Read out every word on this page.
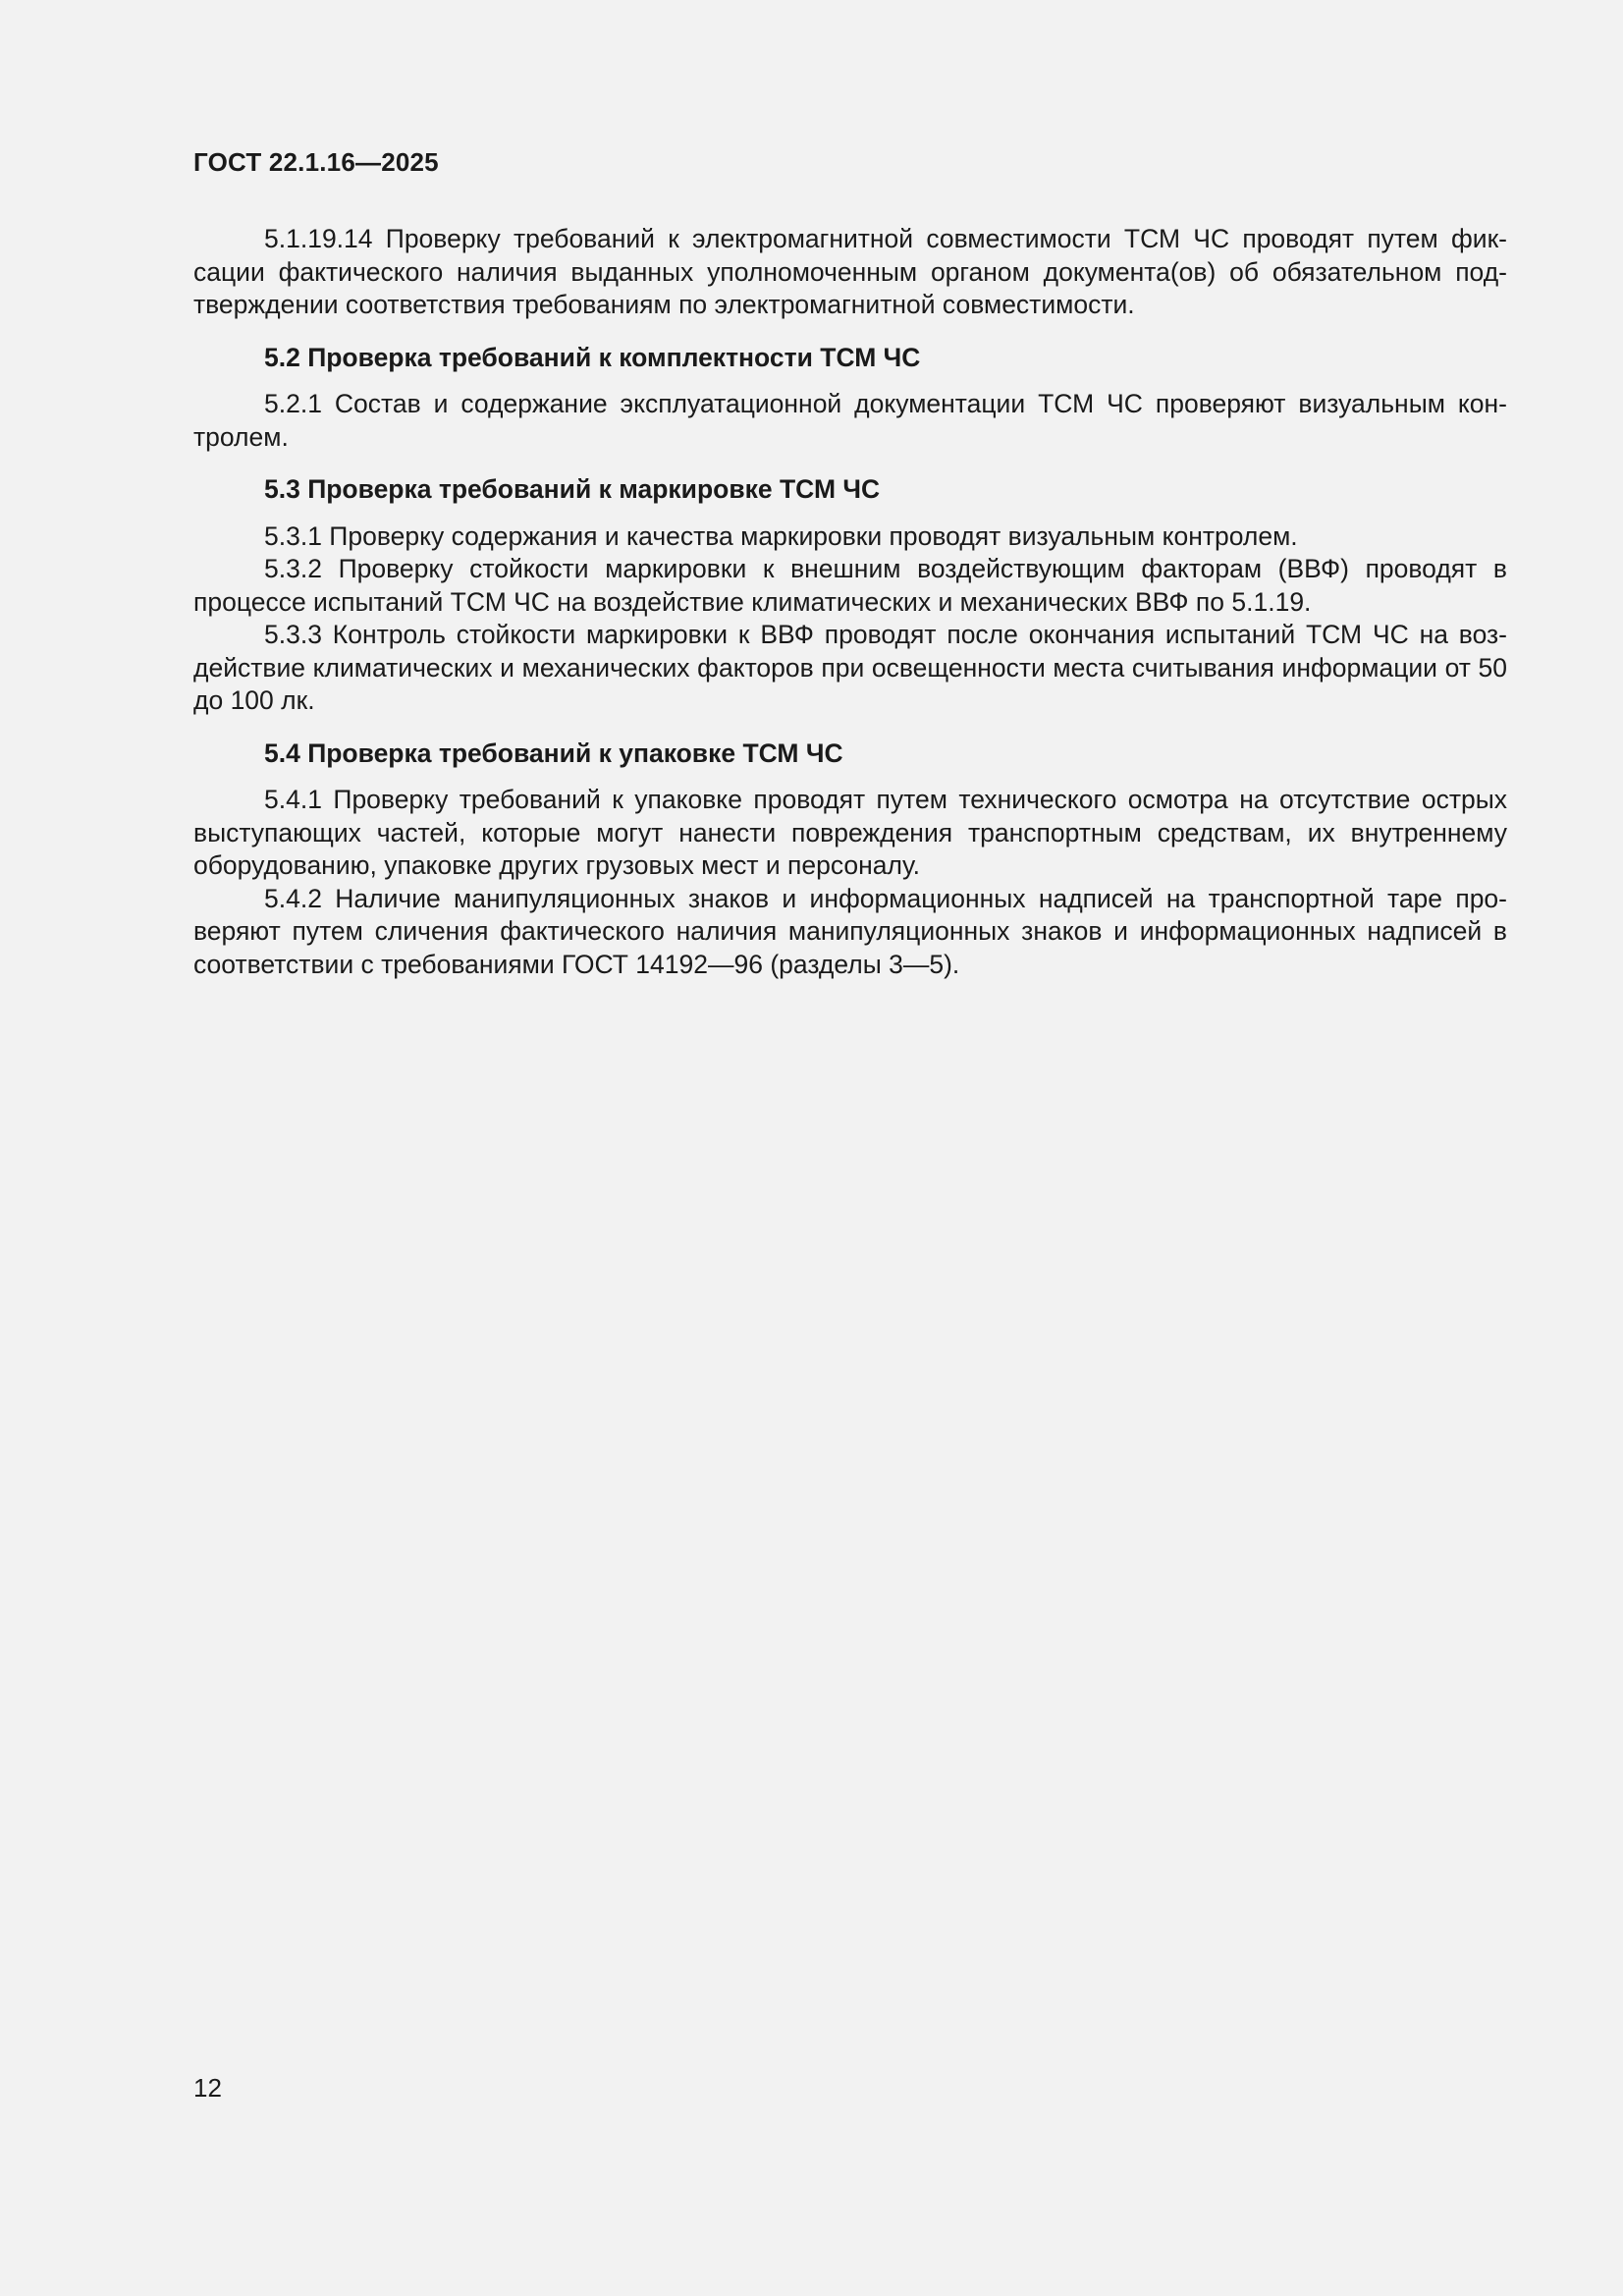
ГОСТ 22.1.16—2025

5.1.19.14 Проверку требований к электромагнитной совместимости ТСМ ЧС проводят путем фиксации фактического наличия выданных уполномоченным органом документа(ов) об обязательном подтверждении соответствия требованиям по электромагнитной совместимости.

5.2 Проверка требований к комплектности ТСМ ЧС

5.2.1 Состав и содержание эксплуатационной документации ТСМ ЧС проверяют визуальным контролем.

5.3 Проверка требований к маркировке ТСМ ЧС

5.3.1 Проверку содержания и качества маркировки проводят визуальным контролем.

5.3.2 Проверку стойкости маркировки к внешним воздействующим факторам (ВВФ) проводят в процессе испытаний ТСМ ЧС на воздействие климатических и механических ВВФ по 5.1.19.

5.3.3 Контроль стойкости маркировки к ВВФ проводят после окончания испытаний ТСМ ЧС на воздействие климатических и механических факторов при освещенности места считывания информации от 50 до 100 лк.

5.4 Проверка требований к упаковке ТСМ ЧС

5.4.1 Проверку требований к упаковке проводят путем технического осмотра на отсутствие острых выступающих частей, которые могут нанести повреждения транспортным средствам, их внутреннему оборудованию, упаковке других грузовых мест и персоналу.

5.4.2 Наличие манипуляционных знаков и информационных надписей на транспортной таре проверяют путем сличения фактического наличия манипуляционных знаков и информационных надписей в соответствии с требованиями ГОСТ 14192—96 (разделы 3—5).

12
